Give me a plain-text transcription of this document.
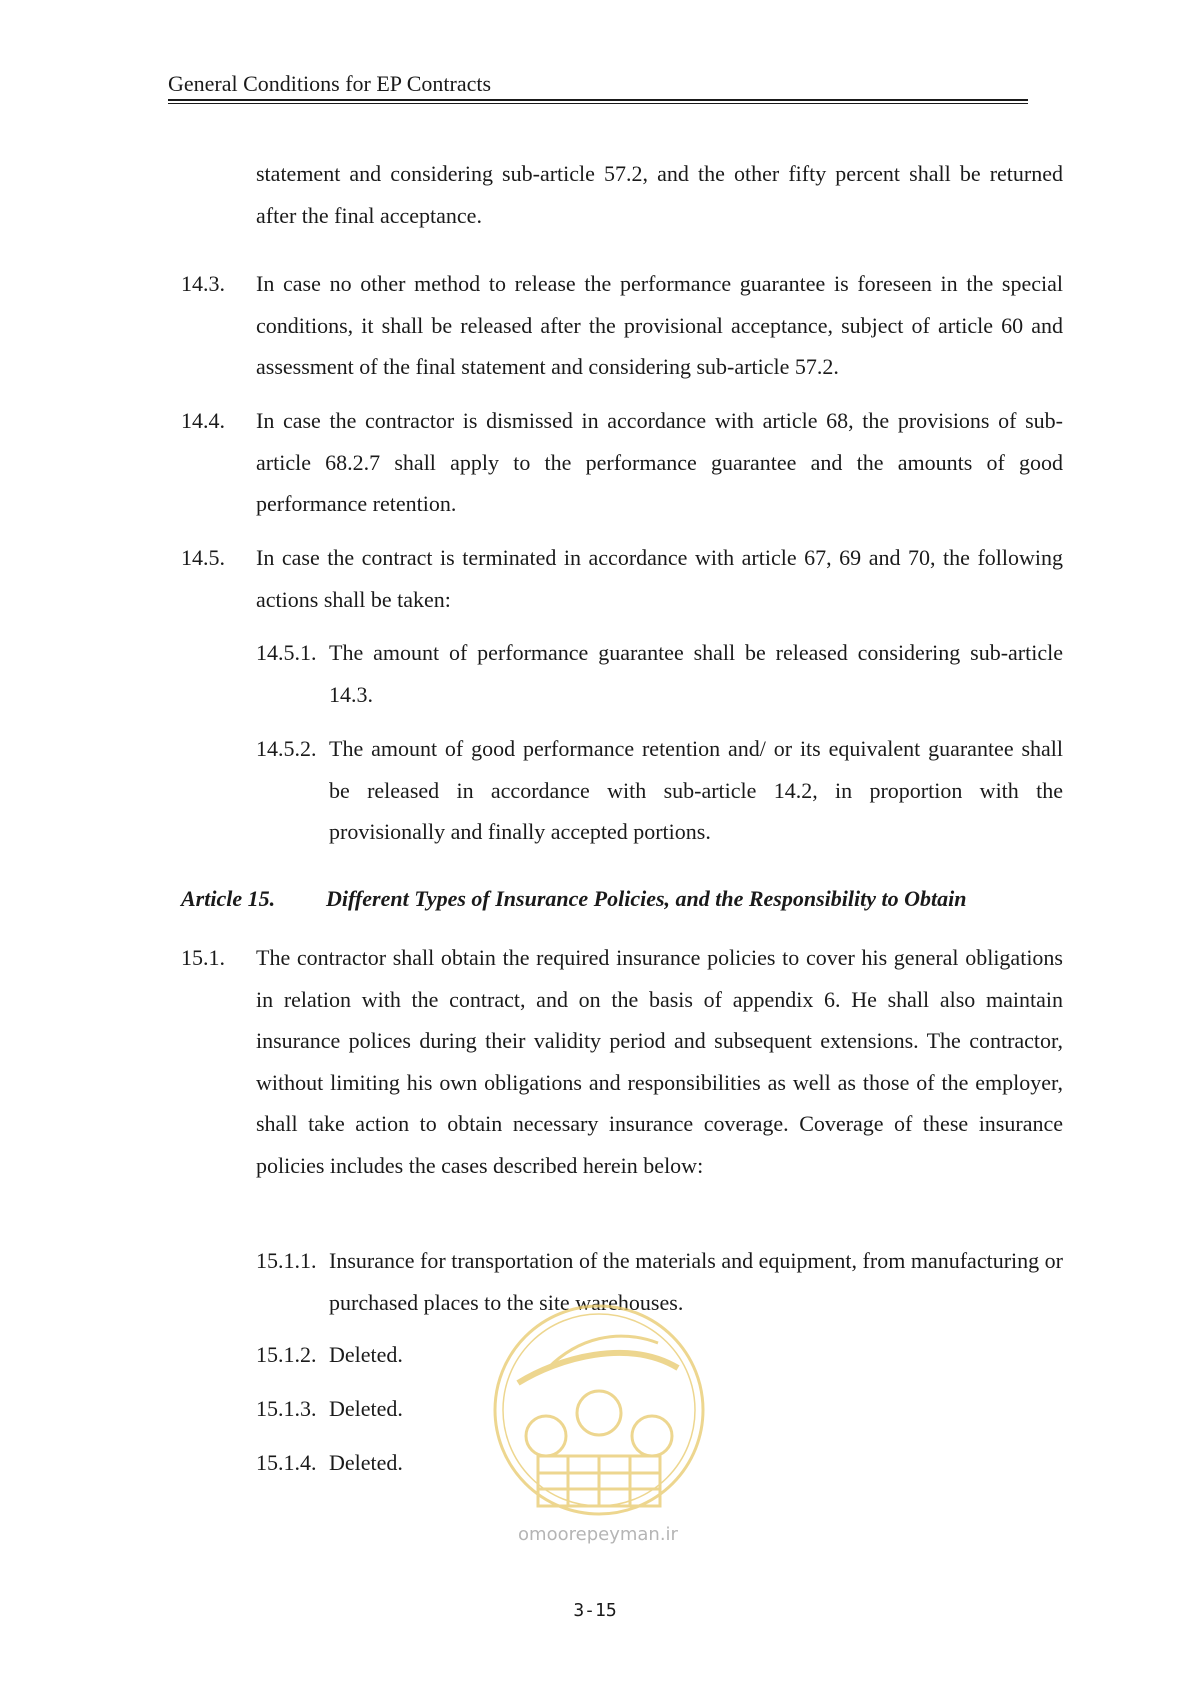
General Conditions for EP Contracts
statement and considering sub-article 57.2, and the other fifty percent shall be returned after the final acceptance.
14.3. In case no other method to release the performance guarantee is foreseen in the special conditions, it shall be released after the provisional acceptance, subject of article 60 and assessment of the final statement and considering sub-article 57.2.
14.4. In case the contractor is dismissed in accordance with article 68, the provisions of sub-article 68.2.7 shall apply to the performance guarantee and the amounts of good performance retention.
14.5. In case the contract is terminated in accordance with article 67, 69 and 70, the following actions shall be taken:
14.5.1. The amount of performance guarantee shall be released considering sub-article 14.3.
14.5.2. The amount of good performance retention and/ or its equivalent guarantee shall be released in accordance with sub-article 14.2, in proportion with the provisionally and finally accepted portions.
Article 15. Different Types of Insurance Policies, and the Responsibility to Obtain
15.1. The contractor shall obtain the required insurance policies to cover his general obligations in relation with the contract, and on the basis of appendix 6. He shall also maintain insurance polices during their validity period and subsequent extensions. The contractor, without limiting his own obligations and responsibilities as well as those of the employer, shall take action to obtain necessary insurance coverage. Coverage of these insurance policies includes the cases described herein below:
15.1.1. Insurance for transportation of the materials and equipment, from manufacturing or purchased places to the site warehouses.
15.1.2. Deleted.
15.1.3. Deleted.
15.1.4. Deleted.
omoorepeyman.ir
3-15
